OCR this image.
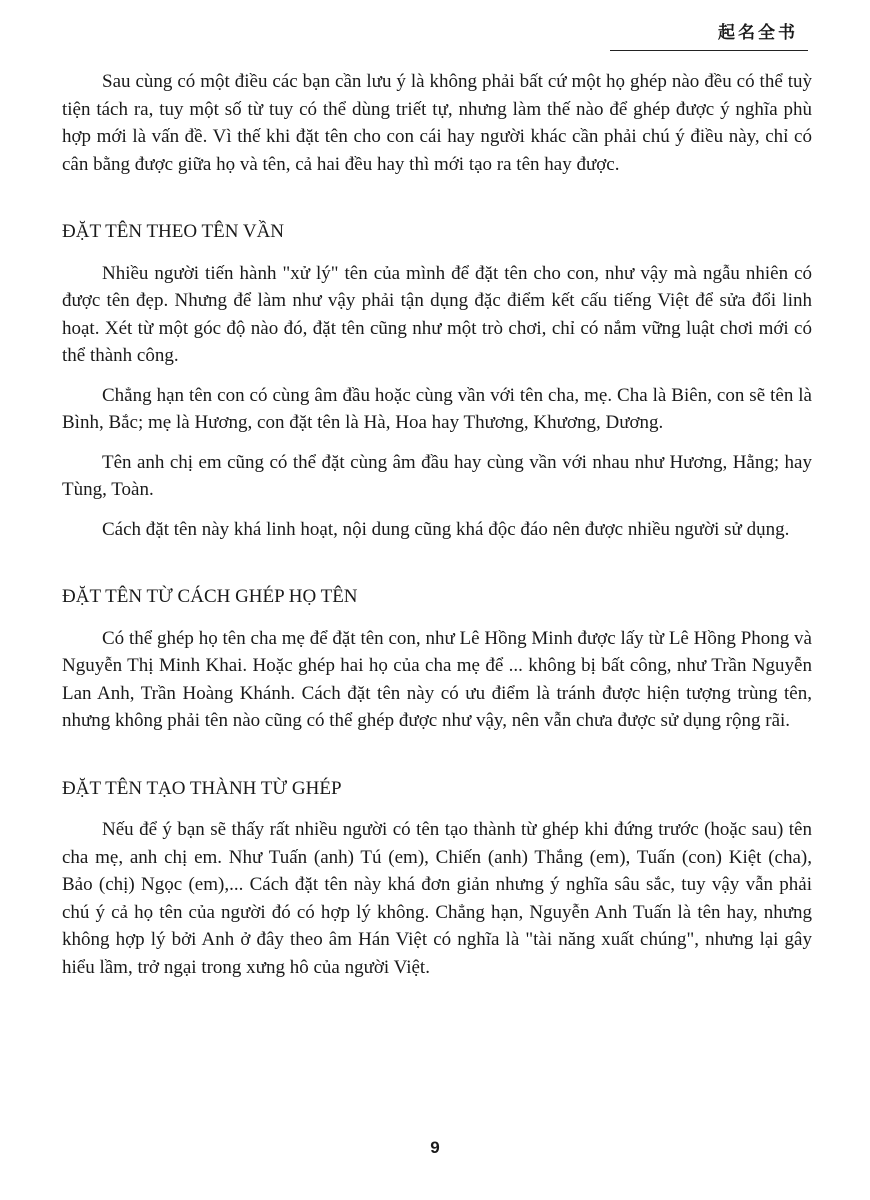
起名全书

Sau cùng có một điều các bạn cần lưu ý là không phải bất cứ một họ ghép nào đều có thể tuỳ tiện tách ra, tuy một số từ tuy có thể dùng triết tự, nhưng làm thế nào để ghép được ý nghĩa phù hợp mới là vấn đề. Vì thế khi đặt tên cho con cái hay người khác cần phải chú ý điều này, chỉ có cân bằng được giữa họ và tên, cả hai đều hay thì mới tạo ra tên hay được.

ĐẶT TÊN THEO TÊN VẦN

Nhiều người tiến hành "xử lý" tên của mình để đặt tên cho con, như vậy mà ngẫu nhiên có được tên đẹp. Nhưng để làm như vậy phải tận dụng đặc điểm kết cấu tiếng Việt để sửa đổi linh hoạt. Xét từ một góc độ nào đó, đặt tên cũng như một trò chơi, chỉ có nắm vững luật chơi mới có thể thành công.

Chẳng hạn tên con có cùng âm đầu hoặc cùng vần với tên cha, mẹ. Cha là Biên, con sẽ tên là Bình, Bắc; mẹ là Hương, con đặt tên là Hà, Hoa hay Thương, Khương, Dương.

Tên anh chị em cũng có thể đặt cùng âm đầu hay cùng vần với nhau như Hương, Hằng; hay Tùng, Toàn.

Cách đặt tên này khá linh hoạt, nội dung cũng khá độc đáo nên được nhiều người sử dụng.

ĐẶT TÊN TỪ CÁCH GHÉP HỌ TÊN

Có thể ghép họ tên cha mẹ để đặt tên con, như Lê Hồng Minh được lấy từ Lê Hồng Phong và Nguyễn Thị Minh Khai. Hoặc ghép hai họ của cha mẹ để ... không bị bất công, như Trần Nguyễn Lan Anh, Trần Hoàng Khánh. Cách đặt tên này có ưu điểm là tránh được hiện tượng trùng tên, nhưng không phải tên nào cũng có thể ghép được như vậy, nên vẫn chưa được sử dụng rộng rãi.

ĐẶT TÊN TẠO THÀNH TỪ GHÉP

Nếu để ý bạn sẽ thấy rất nhiều người có tên tạo thành từ ghép khi đứng trước (hoặc sau) tên cha mẹ, anh chị em. Như Tuấn (anh) Tú (em), Chiến (anh) Thắng (em), Tuấn (con) Kiệt (cha), Bảo (chị) Ngọc (em),... Cách đặt tên này khá đơn giản nhưng ý nghĩa sâu sắc, tuy vậy vẫn phải chú ý cả họ tên của người đó có hợp lý không. Chẳng hạn, Nguyễn Anh Tuấn là tên hay, nhưng không hợp lý bởi Anh ở đây theo âm Hán Việt có nghĩa là "tài năng xuất chúng", nhưng lại gây hiểu lầm, trở ngại trong xưng hô của người Việt.

9
